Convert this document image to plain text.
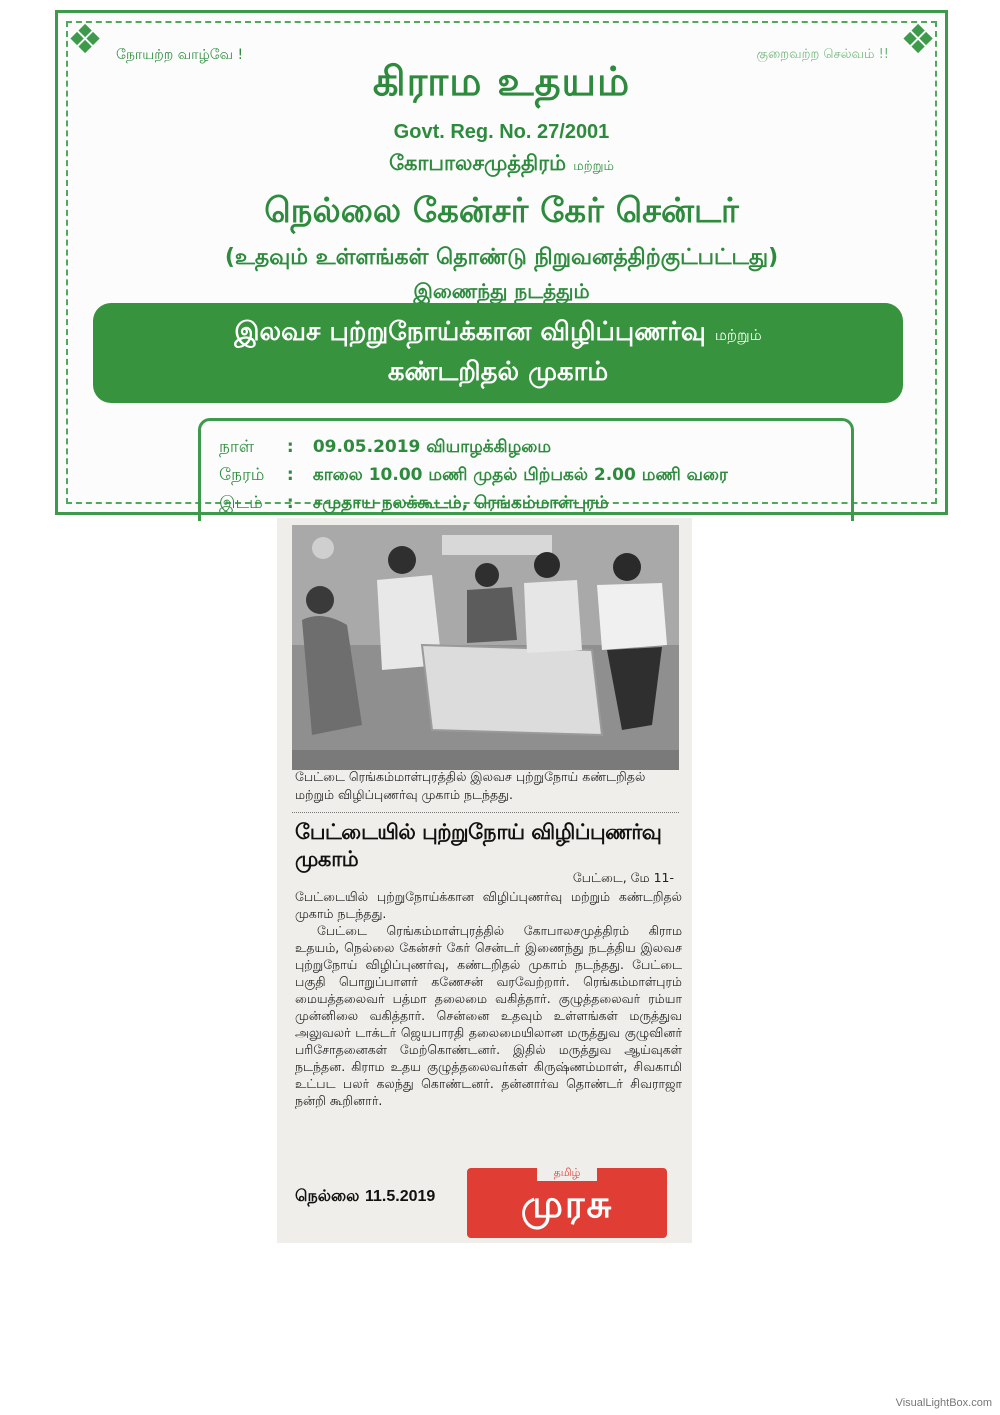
❖	❖
நோயற்ற வாழ்வே !	குறைவற்ற செல்வம் !!
கிராம உதயம்
Govt. Reg. No. 27/2001
கோபாலசமுத்திரம் மற்றும்
நெல்லை கேன்சர் கேர் சென்டர்
(உதவும் உள்ளங்கள் தொண்டு நிறுவனத்திற்குட்பட்டது)
இணைந்து நடத்தும்
இலவச புற்றுநோய்க்கான விழிப்புணர்வு மற்றும்
கண்டறிதல் முகாம்
நாள் : 09.05.2019 வியாழக்கிழமை
நேரம் : காலை 10.00 மணி முதல் பிற்பகல் 2.00 மணி வரை
இடம் : சமுதாய நலக்கூடம், ரெங்கம்மாள்புரம்
பேட்டை ரெங்கம்மாள்புரத்தில் இலவச புற்றுநோய் கண்டறிதல் மற்றும் விழிப்புணர்வு முகாம் நடந்தது.
பேட்டையில் புற்றுநோய் விழிப்புணர்வு முகாம்
பேட்டை, மே 11-

பேட்டையில் புற்றுநோய்க்கான விழிப்புணர்வு மற்றும் கண்டறிதல் முகாம் நடந்தது.

பேட்டை ரெங்கம்மாள்புரத்தில் கோபாலசமுத்திரம் கிராம உதயம், நெல்லை கேன்சர் கேர் சென்டர் இணைந்து நடத்திய இலவச புற்றுநோய் விழிப்புணர்வு, கண்டறிதல் முகாம் நடந்தது. பேட்டை பகுதி பொறுப்பாளர் கணேசன் வரவேற்றார். ரெங்கம்மாள்புரம் மையத்தலைவர் பத்மா தலைமை வகித்தார். குழுத்தலைவர் ரம்யா முன்னிலை வகித்தார். சென்னை உதவும் உள்ளங்கள் மருத்துவ அலுவலர் டாக்டர் ஜெயபாரதி தலைமையிலான மருத்துவ குழுவினர் பரிசோதனைகள் மேற்கொண்டனர். இதில் மருத்துவ ஆய்வுகள் நடந்தன. கிராம உதய குழுத்தலைவர்கள் கிருஷ்ணம்மாள், சிவகாமி உட்பட பலர் கலந்து கொண்டனர். தன்னார்வ தொண்டர் சிவராஜா நன்றி கூறினார்.

நெல்லை 11.5.2019
தமிழ்
முரசு
VisualLightBox.com
